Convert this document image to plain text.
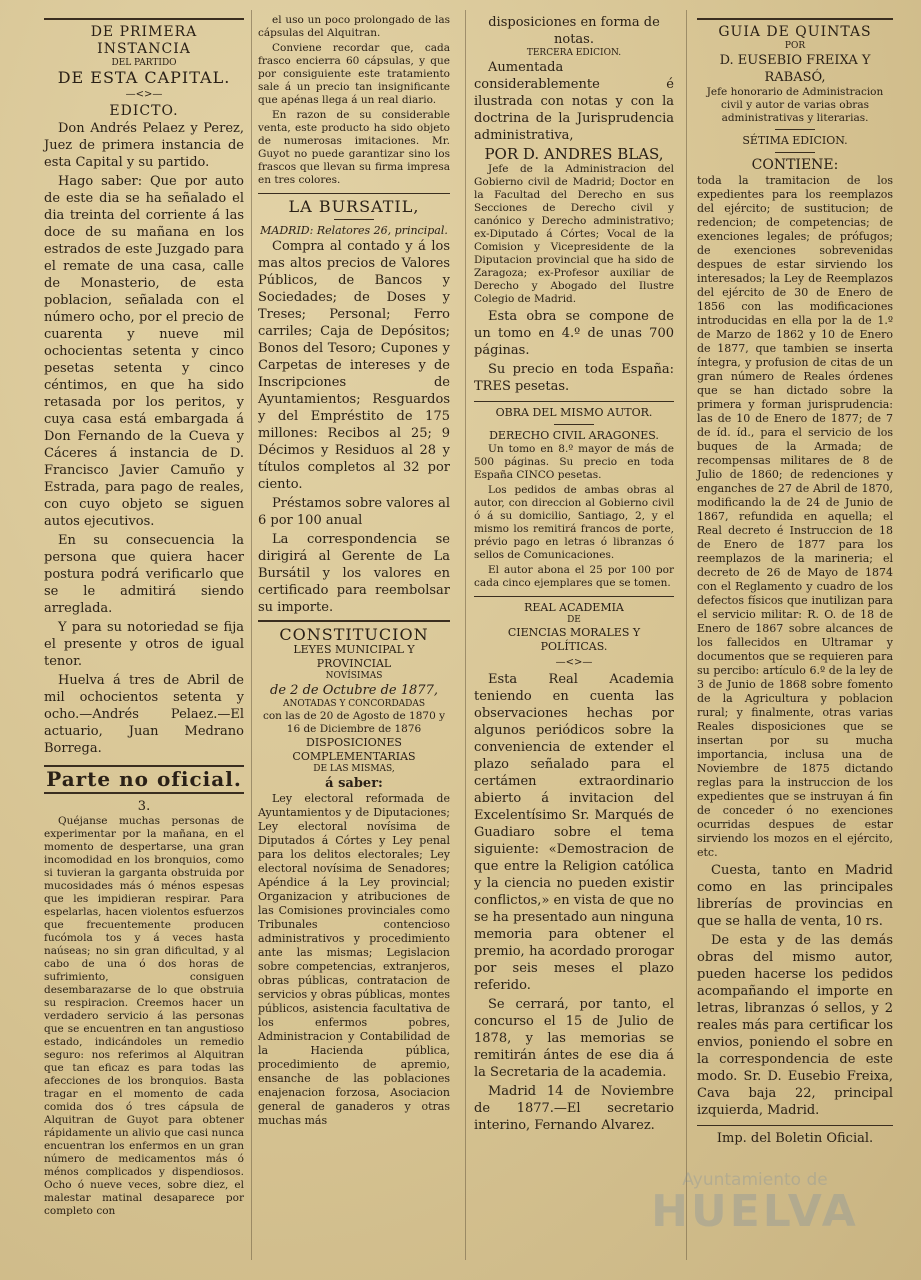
DE PRIMERA INSTANCIA
DEL PARTIDO
DE ESTA CAPITAL.
—<>—
EDICTO.

Don Andrés Pelaez y Perez, Juez de primera instancia de esta Capital y su partido.

Hago saber: Que por auto de este dia se ha señalado el dia treinta del corriente á las doce de su mañana en los estrados de este Juzgado para el remate de una casa, calle de Monasterio, de esta poblacion, señalada con el número ocho, por el precio de cuarenta y nueve mil ochocientas setenta y cinco pesetas setenta y cinco céntimos, en que ha sido retasada por los peritos, y cuya casa está embargada á Don Fernando de la Cueva y Cáceres á instancia de D. Francisco Javier Camuño y Estrada, para pago de reales, con cuyo objeto se siguen autos ejecutivos.

En su consecuencia la persona que quiera hacer postura podrá verificarlo que se le admitirá siendo arreglada.

Y para su notoriedad se fija el presente y otros de igual tenor.

Huelva á tres de Abril de mil ochocientos setenta y ocho.—Andrés Pelaez.—El actuario, Juan Medrano Borrega.

Parte no oficial.
3.

Quéjanse muchas personas de experimentar por la mañana, en el momento de despertarse, una gran incomodidad en los bronquios, como si tuvieran la garganta obstruida por mucosidades más ó ménos espesas que les impidieran respirar. Para espelarlas, hacen violentos esfuerzos que frecuentemente producen fucómola tos y á veces hasta naúseas; no sin gran dificultad, y al cabo de una ó dos horas de sufrimiento, consiguen desembarazarse de lo que obstruia su respiracion. Creemos hacer un verdadero servicio á las personas que se encuentren en tan angustioso estado, indicándoles un remedio seguro: nos referimos al Alquitran que tan eficaz es para todas las afecciones de los bronquios. Basta tragar en el momento de cada comida dos ó tres cápsula de Alquitran de Guyot para obtener rápidamente un alivio que casi nunca encuentran los enfermos en un gran número de medicamentos más ó ménos complicados y dispendiosos. Ocho ó nueve veces, sobre diez, el malestar matinal desaparece por completo con

el uso un poco prolongado de las cápsulas del Alquitran.

Conviene recordar que, cada frasco encierra 60 cápsulas, y que por consiguiente este tratamiento sale á un precio tan insignificante que apénas llega á un real diario.

En razon de su considerable venta, este producto ha sido objeto de numerosas imitaciones. Mr. Guyot no puede garantizar sino los frascos que llevan su firma impresa en tres colores.

LA BURSATIL,
MADRID: Relatores 26, principal.

Compra al contado y á los mas altos precios de Valores Públicos, de Bancos y Sociedades; de Doses y Treses; Personal; Ferro carriles; Caja de Depósitos; Bonos del Tesoro; Cupones y Carpetas de intereses y de Inscripciones de Ayuntamientos; Resguardos y del Empréstito de 175 millones: Recibos al 25; 9 Décimos y Residuos al 28 y títulos completos al 32 por ciento.

Préstamos sobre valores al 6 por 100 anual

La correspondencia se dirigirá al Gerente de La Bursátil y los valores en certificado para reembolsar su importe.

CONSTITUCION
LEYES MUNICIPAL Y PROVINCIAL
NOVÍSIMAS
de 2 de Octubre de 1877,
ANOTADAS Y CONCORDADAS
con las de 20 de Agosto de 1870 y 16 de Diciembre de 1876
DISPOSICIONES COMPLEMENTARIAS
DE LAS MISMAS,
á saber:

Ley electoral reformada de Ayuntamientos y de Diputaciones; Ley electoral novísima de Diputados á Córtes y Ley penal para los delitos electorales; Ley electoral novísima de Senadores; Apéndice á la Ley provincial; Organizacion y atribuciones de las Comisiones provinciales como Tribunales contencioso administrativos y procedimiento ante las mismas; Legislacion sobre competencias, extranjeros, obras públicas, contratacion de servicios y obras públicas, montes públicos, asistencia facultativa de los enfermos pobres, Administracion y Contabilidad de la Hacienda pública, procedimiento de apremio, ensanche de las poblaciones enajenacion forzosa, Asociacion general de ganaderos y otras muchas más

disposiciones en forma de notas.
TERCERA EDICION.

Aumentada considerablemente é ilustrada con notas y con la doctrina de la Jurisprudencia administrativa,

POR D. ANDRES BLAS,

Jefe de la Administracion del Gobierno civil de Madrid; Doctor en la Facultad del Derecho en sus Secciones de Derecho civil y canónico y Derecho administrativo; ex-Diputado á Córtes; Vocal de la Comision y Vicepresidente de la Diputacion provincial que ha sido de Zaragoza; ex-Profesor auxiliar de Derecho y Abogado del Ilustre Colegio de Madrid.

Esta obra se compone de un tomo en 4.º de unas 700 páginas.

Su precio en toda España: TRES pesetas.

OBRA DEL MISMO AUTOR.
DERECHO CIVIL ARAGONES.

Un tomo en 8.º mayor de más de 500 páginas. Su precio en toda España CINCO pesetas.

Los pedidos de ambas obras al autor, con direccion al Gobierno civil ó á su domicilio, Santiago, 2, y el mismo los remitirá francos de porte, prévio pago en letras ó libranzas ó sellos de Comunicaciones.

El autor abona el 25 por 100 por cada cinco ejemplares que se tomen.

REAL ACADEMIA
DE
CIENCIAS MORALES Y POLÍTICAS.
—<>—

Esta Real Academia teniendo en cuenta las observaciones hechas por algunos periódicos sobre la conveniencia de extender el plazo señalado para el certámen extraordinario abierto á invitacion del Excelentísimo Sr. Marqués de Guadiaro sobre el tema siguiente: «Demostracion de que entre la Religion católica y la ciencia no pueden existir conflictos,» en vista de que no se ha presentado aun ninguna memoria para obtener el premio, ha acordado prorogar por seis meses el plazo referido.

Se cerrará, por tanto, el concurso el 15 de Julio de 1878, y las memorias se remitirán ántes de ese dia á la Secretaria de la academia.

Madrid 14 de Noviembre de 1877.—El secretario interino, Fernando Alvarez.

GUIA DE QUINTAS
POR
D. EUSEBIO FREIXA Y RABASÓ,
Jefe honorario de Administracion civil y autor de varias obras administrativas y literarias.
SÉTIMA EDICION.
CONTIENE:

toda la tramitacion de los expedientes para los reemplazos del ejército; de sustitucion; de redencion; de competencias; de exenciones legales; de prófugos; de exenciones sobrevenidas despues de estar sirviendo los interesados; la Ley de Reemplazos del ejército de 30 de Enero de 1856 con las modificaciones introducidas en ella por la de 1.º de Marzo de 1862 y 10 de Enero de 1877, que tambien se inserta íntegra, y profusion de citas de un gran número de Reales órdenes que se han dictado sobre la primera y forman jurisprudencia: las de 10 de Enero de 1877; de 7 de íd. íd., para el servicio de los buques de la Armada; de recompensas militares de 8 de Julio de 1860; de redenciones y enganches de 27 de Abril de 1870, modificando la de 24 de Junio de 1867, refundida en aquella; el Real decreto é Instruccion de 18 de Enero de 1877 para los reemplazos de la marineria; el decreto de 26 de Mayo de 1874 con el Reglamento y cuadro de los defectos físicos que inutilizan para el servicio militar: R. O. de 18 de Enero de 1867 sobre alcances de los fallecidos en Ultramar y documentos que se requieren para su percibo: artículo 6.º de la ley de 3 de Junio de 1868 sobre fomento de la Agricultura y poblacion rural; y finalmente, otras varias Reales disposiciones que se insertan por su mucha importancia, inclusa una de Noviembre de 1875 dictando reglas para la instruccion de los expedientes que se instruyan á fin de conceder ó no exenciones ocurridas despues de estar sirviendo los mozos en el ejército, etc.

Cuesta, tanto en Madrid como en las principales librerías de provincias en que se halla de venta, 10 rs.

De esta y de las demás obras del mismo autor, pueden hacerse los pedidos acompañando el importe en letras, libranzas ó sellos, y 2 reales más para certificar los envios, poniendo el sobre en la correspondencia de este modo. Sr. D. Eusebio Freixa, Cava baja 22, principal izquierda, Madrid.

Imp. del Boletin Oficial.
Ayuntamiento de
HUELVA
